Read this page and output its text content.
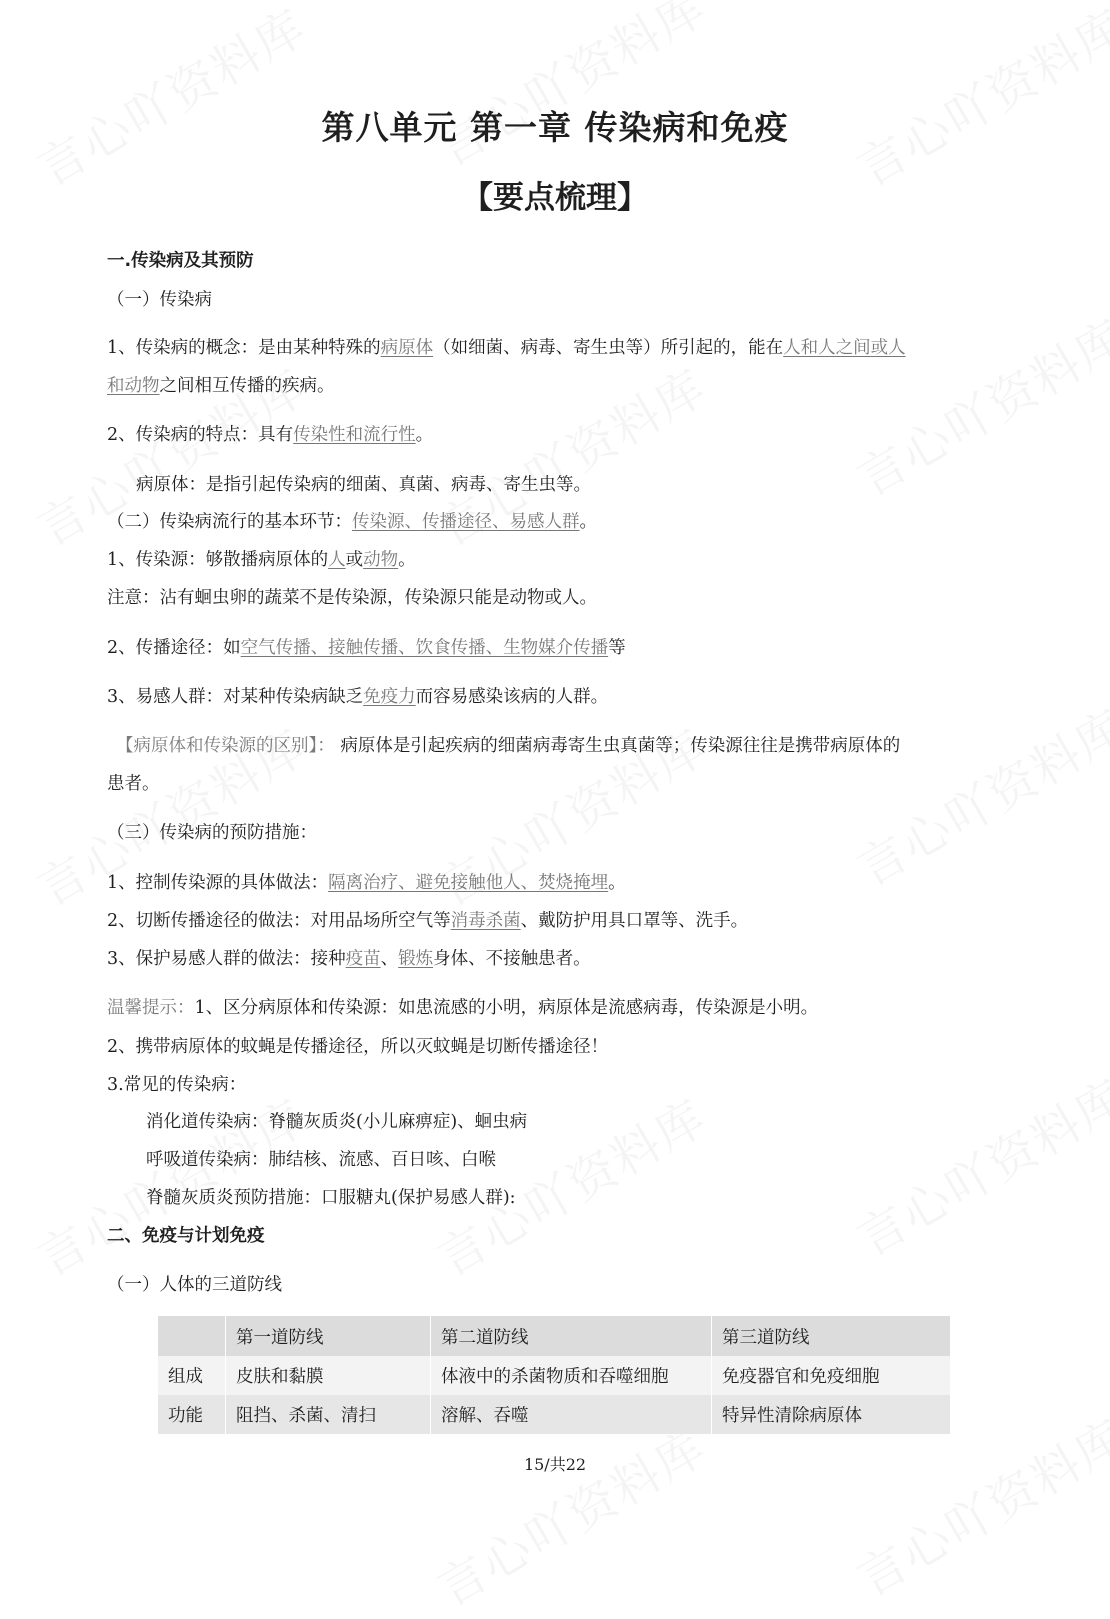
第八单元 第一章 传染病和免疫
【要点梳理】
一.传染病及其预防
（一）传染病
1、传染病的概念：是由某种特殊的病原体（如细菌、病毒、寄生虫等）所引起的，能在人和人之间或人
和动物之间相互传播的疾病。
2、传染病的特点：具有传染性和流行性。
病原体：是指引起传染病的细菌、真菌、病毒、寄生虫等。
（二）传染病流行的基本环节：传染源、传播途径、易感人群。
1、传染源：够散播病原体的人或动物。
注意：沾有蛔虫卵的蔬菜不是传染源，传染源只能是动物或人。
2、传播途径：如空气传播、接触传播、饮食传播、生物媒介传播等
3、易感人群：对某种传染病缺乏免疫力而容易感染该病的人群。
【病原体和传染源的区别】： 病原体是引起疾病的细菌病毒寄生虫真菌等；传染源往往是携带病原体的
患者。
（三）传染病的预防措施：
1、控制传染源的具体做法：隔离治疗、避免接触他人、焚烧掩埋。
2、切断传播途径的做法：对用品场所空气等消毒杀菌、戴防护用具口罩等、洗手。
3、保护易感人群的做法：接种疫苗、锻炼身体、不接触患者。
温馨提示：1、区分病原体和传染源：如患流感的小明，病原体是流感病毒，传染源是小明。
2、携带病原体的蚊蝇是传播途径，所以灭蚊蝇是切断传播途径！
3.常见的传染病：
消化道传染病：脊髓灰质炎(小儿麻痹症)、蛔虫病
呼吸道传染病：肺结核、流感、百日咳、白喉
脊髓灰质炎预防措施：口服糖丸(保护易感人群):
二、免疫与计划免疫
（一）人体的三道防线
	第一道防线	第二道防线	第三道防线
组成	皮肤和黏膜	体液中的杀菌物质和吞噬细胞	免疫器官和免疫细胞
功能	阻挡、杀菌、清扫	溶解、吞噬	特异性清除病原体
15/共22
